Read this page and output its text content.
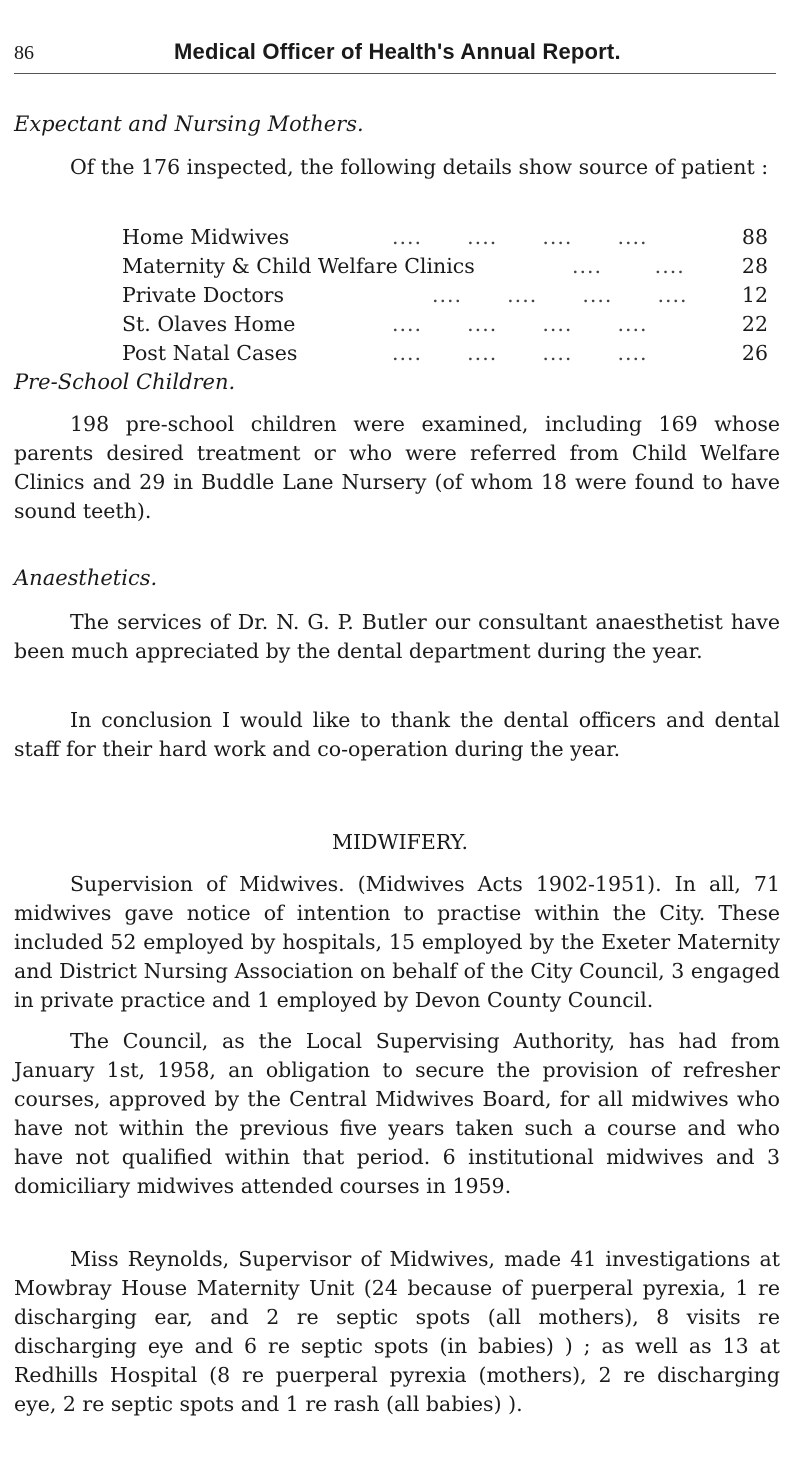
86	Medical Officer of Health's Annual Report.
Expectant and Nursing Mothers.
Of the 176 inspected, the following details show source of patient :
Home Midwives	....      ....      ....      ....	88
Maternity & Child Welfare Clinics	....       ....	28
Private Doctors	....      ....      ....      ....	12
St. Olaves Home	....      ....      ....      ....	22
Post Natal Cases	....      ....      ....      ....	26
Pre-School Children.
198 pre-school children were examined, including 169 whose parents desired treatment or who were referred from Child Welfare Clinics and 29 in Buddle Lane Nursery (of whom 18 were found to have sound teeth).
Anaesthetics.
The services of Dr. N. G. P. Butler our consultant anaesthetist have been much appreciated by the dental department during the year.
In conclusion I would like to thank the dental officers and dental staff for their hard work and co-operation during the year.
MIDWIFERY.
Supervision of Midwives. (Midwives Acts 1902-1951). In all, 71 midwives gave notice of intention to practise within the City. These included 52 employed by hospitals, 15 employed by the Exeter Maternity and District Nursing Association on behalf of the City Council, 3 engaged in private practice and 1 employed by Devon County Council.
The Council, as the Local Supervising Authority, has had from January 1st, 1958, an obligation to secure the provision of refresher courses, approved by the Central Midwives Board, for all midwives who have not within the previous five years taken such a course and who have not qualified within that period. 6 institutional midwives and 3 domiciliary midwives attended courses in 1959.
Miss Reynolds, Supervisor of Midwives, made 41 investigations at Mowbray House Maternity Unit (24 because of puerperal pyrexia, 1 re discharging ear, and 2 re septic spots (all mothers), 8 visits re discharging eye and 6 re septic spots (in babies) ) ; as well as 13 at Redhills Hospital (8 re puerperal pyrexia (mothers), 2 re discharging eye, 2 re septic spots and 1 re rash (all babies) ).
